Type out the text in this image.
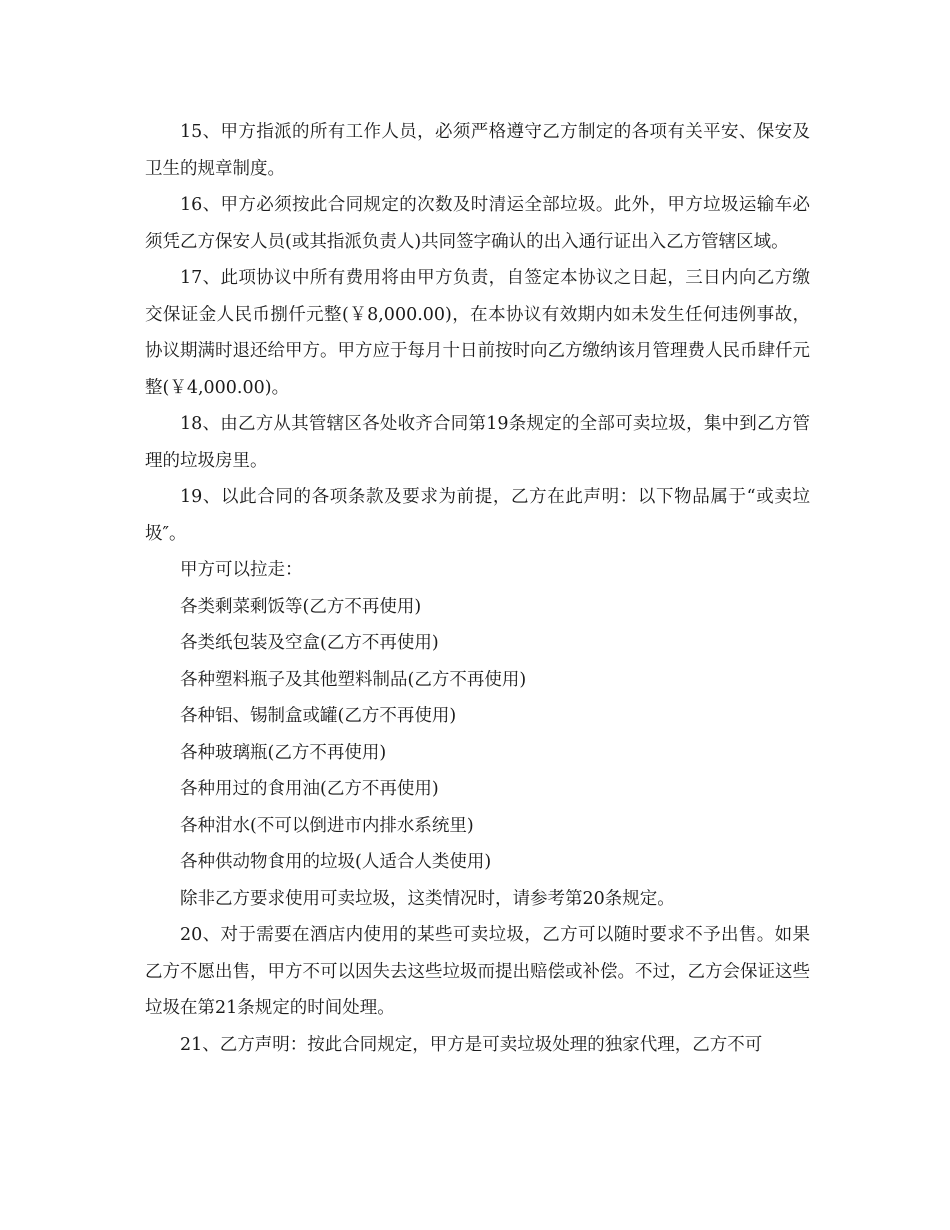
15、甲方指派的所有工作人员，必须严格遵守乙方制定的各项有关平安、保安及卫生的规章制度。

16、甲方必须按此合同规定的次数及时清运全部垃圾。此外，甲方垃圾运输车必须凭乙方保安人员(或其指派负责人)共同签字确认的出入通行证出入乙方管辖区域。

17、此项协议中所有费用将由甲方负责，自签定本协议之日起，三日内向乙方缴交保证金人民币捌仟元整(￥8,000.00)，在本协议有效期内如未发生任何违例事故，协议期满时退还给甲方。甲方应于每月十日前按时向乙方缴纳该月管理费人民币肆仟元整(￥4,000.00)。

18、由乙方从其管辖区各处收齐合同第19条规定的全部可卖垃圾，集中到乙方管理的垃圾房里。

19、以此合同的各项条款及要求为前提，乙方在此声明：以下物品属于“或卖垃圾″。

甲方可以拉走：

各类剩菜剩饭等(乙方不再使用)

各类纸包装及空盒(乙方不再使用)

各种塑料瓶子及其他塑料制品(乙方不再使用)

各种铝、锡制盒或罐(乙方不再使用)

各种玻璃瓶(乙方不再使用)

各种用过的食用油(乙方不再使用)

各种泔水(不可以倒进市内排水系统里)

各种供动物食用的垃圾(人适合人类使用)

除非乙方要求使用可卖垃圾，这类情况时，请参考第20条规定。

20、对于需要在酒店内使用的某些可卖垃圾，乙方可以随时要求不予出售。如果乙方不愿出售，甲方不可以因失去这些垃圾而提出赔偿或补偿。不过，乙方会保证这些垃圾在第21条规定的时间处理。

21、乙方声明：按此合同规定，甲方是可卖垃圾处理的独家代理，乙方不可
